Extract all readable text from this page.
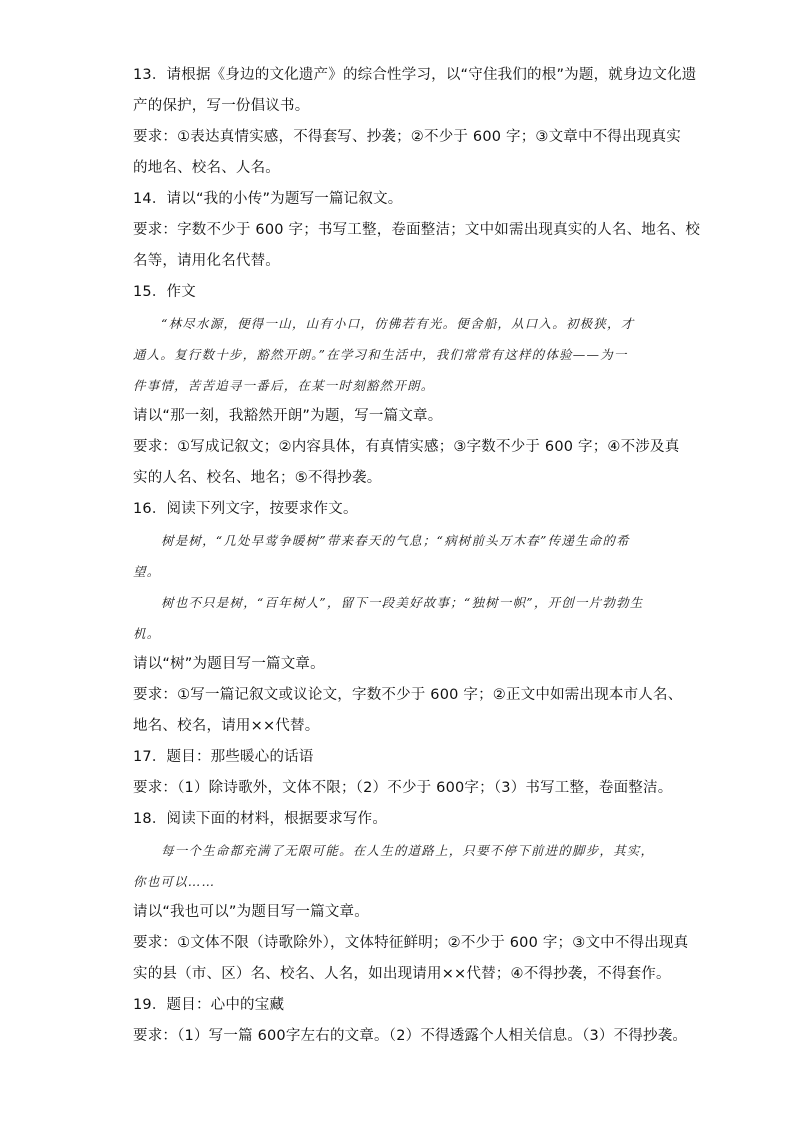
13．请根据《身边的文化遗产》的综合性学习，以“守住我们的根”为题，就身边文化遗
产的保护，写一份倡议书。
要求：①表达真情实感，不得套写、抄袭；②不少于 600 字；③文章中不得出现真实
的地名、校名、人名。
14．请以“我的小传”为题写一篇记叙文。
要求：字数不少于 600 字；书写工整，卷面整洁；文中如需出现真实的人名、地名、校
名等，请用化名代替。
15．作文
“林尽水源，便得一山，山有小口，仿佛若有光。便舍船，从口入。初极狭，才
通人。复行数十步，豁然开朗。”在学习和生活中，我们常常有这样的体验——为一
件事情，苦苦追寻一番后，在某一时刻豁然开朗。
请以“那一刻，我豁然开朗”为题，写一篇文章。
要求：①写成记叙文；②内容具体，有真情实感；③字数不少于 600 字；④不涉及真
实的人名、校名、地名；⑤不得抄袭。
16．阅读下列文字，按要求作文。
树是树，“几处早莺争暖树”带来春天的气息；“病树前头万木春”传递生命的希
望。
树也不只是树，“百年树人”，留下一段美好故事；“独树一帜”，开创一片勃勃生
机。
请以“树”为题目写一篇文章。
要求：①写一篇记叙文或议论文，字数不少于 600 字；②正文中如需出现本市人名、
地名、校名，请用××代替。
17．题目：那些暖心的话语
要求：（1）除诗歌外，文体不限；（2）不少于 600字；（3）书写工整，卷面整洁。
18．阅读下面的材料，根据要求写作。
每一个生命都充满了无限可能。在人生的道路上，只要不停下前进的脚步，其实，
你也可以……
请以“我也可以”为题目写一篇文章。
要求：①文体不限（诗歌除外），文体特征鲜明；②不少于 600 字；③文中不得出现真
实的县（市、区）名、校名、人名，如出现请用××代替；④不得抄袭，不得套作。
19．题目：心中的宝藏
要求：（1）写一篇 600字左右的文章。（2）不得透露个人相关信息。（3）不得抄袭。
